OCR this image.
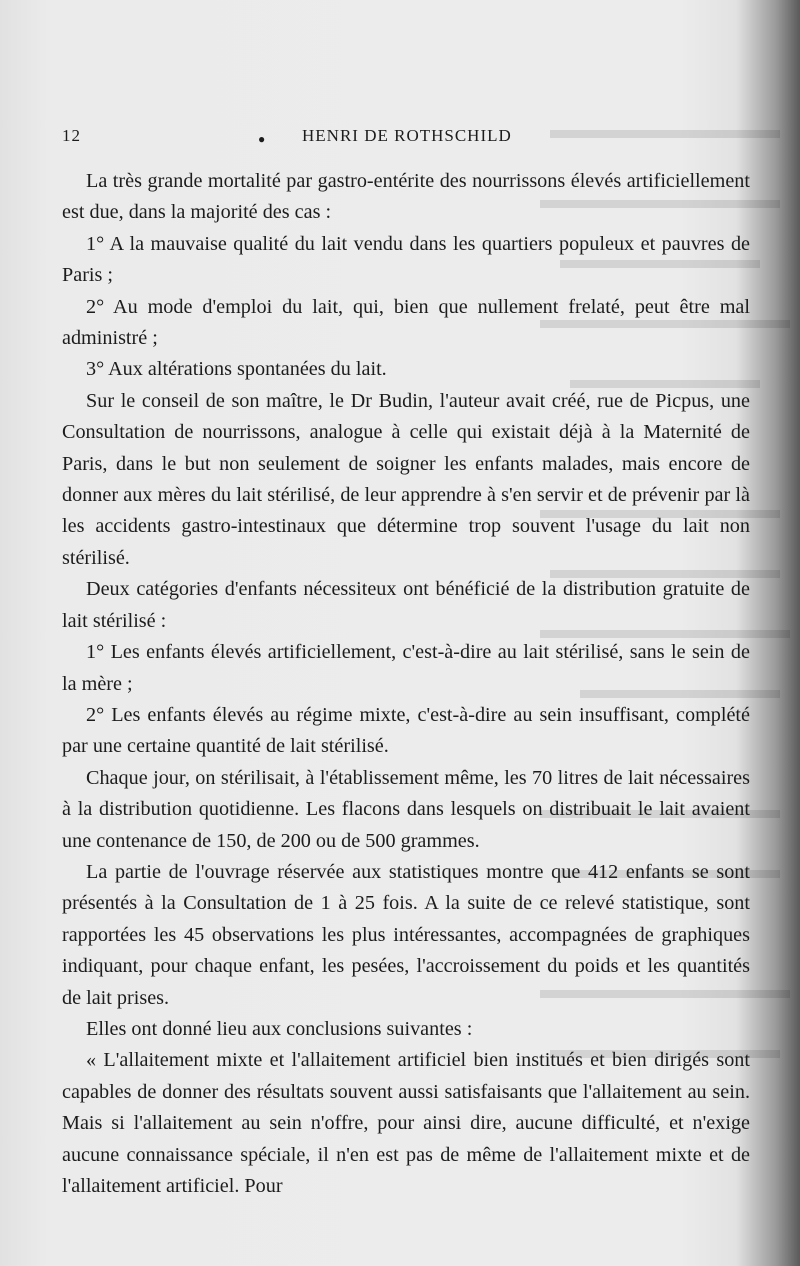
12	● HENRI DE ROTHSCHILD

La très grande mortalité par gastro-entérite des nourrissons élevés artificiellement est due, dans la majorité des cas :

1° A la mauvaise qualité du lait vendu dans les quartiers populeux et pauvres de Paris ;

2° Au mode d'emploi du lait, qui, bien que nullement frelaté, peut être mal administré ;

3° Aux altérations spontanées du lait.

Sur le conseil de son maître, le Dr Budin, l'auteur avait créé, rue de Picpus, une Consultation de nourrissons, analogue à celle qui existait déjà à la Maternité de Paris, dans le but non seulement de soigner les enfants malades, mais encore de donner aux mères du lait stérilisé, de leur apprendre à s'en servir et de prévenir par là les accidents gastro-intestinaux que détermine trop souvent l'usage du lait non stérilisé.

Deux catégories d'enfants nécessiteux ont bénéficié de la distribution gratuite de lait stérilisé :

1° Les enfants élevés artificiellement, c'est-à-dire au lait stérilisé, sans le sein de la mère ;

2° Les enfants élevés au régime mixte, c'est-à-dire au sein insuffisant, complété par une certaine quantité de lait stérilisé.

Chaque jour, on stérilisait, à l'établissement même, les 70 litres de lait nécessaires à la distribution quotidienne. Les flacons dans lesquels on distribuait le lait avaient une contenance de 150, de 200 ou de 500 grammes.

La partie de l'ouvrage réservée aux statistiques montre que 412 enfants se sont présentés à la Consultation de 1 à 25 fois. A la suite de ce relevé statistique, sont rapportées les 45 observations les plus intéressantes, accompagnées de graphiques indiquant, pour chaque enfant, les pesées, l'accroissement du poids et les quantités de lait prises.

Elles ont donné lieu aux conclusions suivantes :

« L'allaitement mixte et l'allaitement artificiel bien institués et bien dirigés sont capables de donner des résultats souvent aussi satisfaisants que l'allaitement au sein. Mais si l'allaitement au sein n'offre, pour ainsi dire, aucune difficulté, et n'exige aucune connaissance spéciale, il n'en est pas de même de l'allaitement mixte et de l'allaitement artificiel. Pour
